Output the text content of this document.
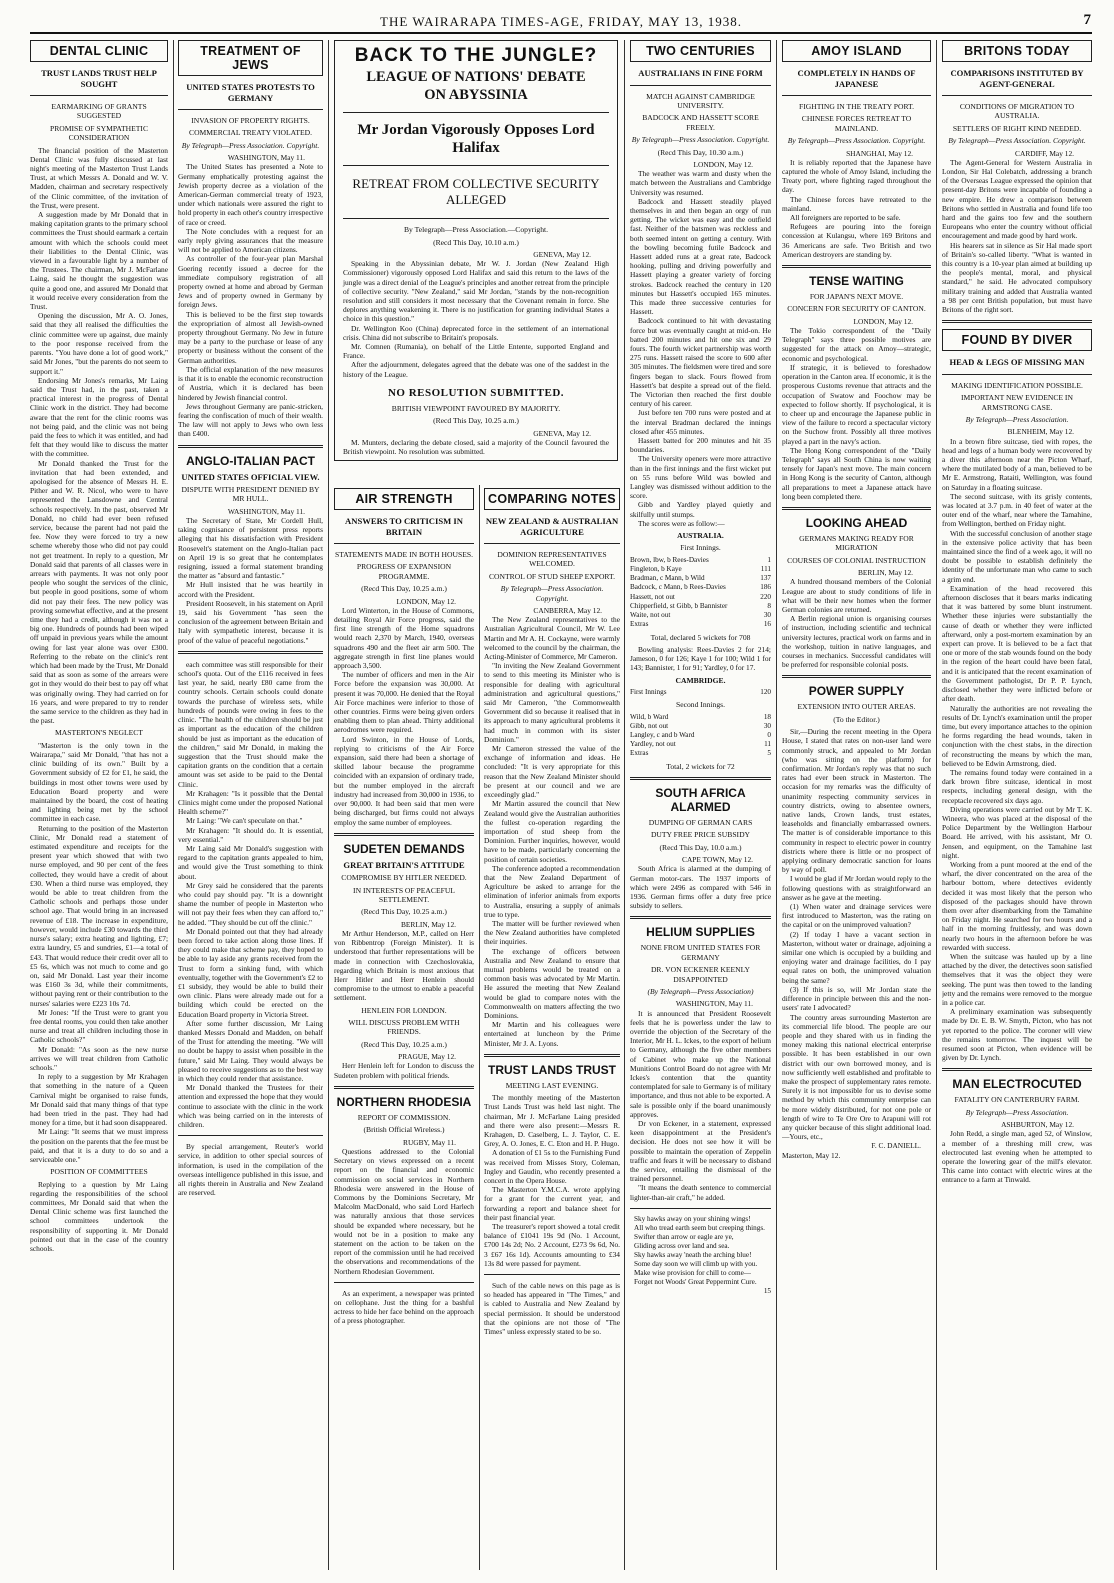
THE WAIRARAPA TIMES-AGE, FRIDAY, MAY 13, 1938.	7
DENTAL CLINIC
TRUST LANDS TRUST HELP SOUGHT
EARMARKING OF GRANTS SUGGESTED
PROMISE OF SYMPATHETIC CONSIDERATION

The financial position of the Masterton Dental Clinic was fully discussed at last night's meeting of the Masterton Trust Lands Trust, at which Messrs A. Donald and W. V. Madden, chairman and secretary respectively of the Clinic committee, of the invitation of the Trust, were present.

A suggestion made by Mr Donald that in making capitation grants to the primary school committees the Trust should earmark a certain amount with which the schools could meet their liabilities to the Dental Clinic, was viewed in a favourable light by a number of the Trustees. The chairman, Mr J. McFarlane Laing, said he thought the suggestion was quite a good one, and assured Mr Donald that it would receive every consideration from the Trust.

Opening the discussion, Mr A. O. Jones, said that they all realised the difficulties the clinic committee were up against, due mainly to the poor response received from the parents. "You have done a lot of good work," said Mr Jones, "but the parents do not seem to support it."

Endorsing Mr Jones's remarks, Mr Laing said the Trust had, in the past, taken a practical interest in the progress of Dental Clinic work in the district. They had become aware that the rent for the clinic rooms was not being paid, and the clinic was not being paid the fees to which it was entitled, and had felt that they would like to discuss the matter with the committee.

Mr Donald thanked the Trust for the invitation that had been extended, and apologised for the absence of Messrs H. E. Pither and W. R. Nicol, who were to have represented the Lansdowne and Central schools respectively. In the past, observed Mr Donald, no child had ever been refused service, because the parent had not paid the fee. Now they were forced to try a new scheme whereby those who did not pay could not get treatment. In reply to a question, Mr Donald said that parents of all classes were in arrears with payments. It was not only poor people who sought the services of the clinic, but people in good positions, some of whom did not pay their fees. The new policy was proving somewhat effective, and at the present time they had a credit, although it was not a big one. Hundreds of pounds had been wiped off unpaid in previous years while the amount owing for last year alone was over £300. Referring to the rebate on the clinic's rent which had been made by the Trust, Mr Donald said that as soon as some of the arrears were got in they would do their best to pay off what was originally owing. They had carried on for 16 years, and were prepared to try to render the same service to the children as they had in the past.

MASTERTON'S NEGLECT

"Masterton is the only town in the Wairarapa," said Mr Donald, "that has not a clinic building of its own." Built by a Government subsidy of £2 for £1, he said, the buildings in most other towns were used by Education Board property and were maintained by the board, the cost of heating and lighting being met by the school committee in each case.

Returning to the position of the Masterton Clinic, Mr Donald read a statement of estimated expenditure and receipts for the present year which showed that with two nurse employed, and 90 per cent of the fees collected, they would have a credit of about £30. When a third nurse was employed, they would be able to treat children from the Catholic schools and perhaps those under school age. That would bring in an increased revenue of £18. The increase in expenditure, however, would include £30 towards the third nurse's salary; extra heating and lighting, £7; extra laundry, £5 and sundries, £1—a total of £43. That would reduce their credit over all to £5 6s, which was not much to come and go on, said Mr Donald. Last year their income was £160 3s 3d, while their commitments, without paying rent or their contribution to the nurses' salaries were £223 10s 7d.

Mr Jones: "If the Trust were to grant you free dental rooms, you could then take another nurse and treat all children including those in Catholic schools?"

Mr Donald: "As soon as the new nurse arrives we will treat children from Catholic schools."

In reply to a suggestion by Mr Krahagen that something in the nature of a Queen Carnival might be organised to raise funds, Mr Donald said that many things of that type had been tried in the past. They had had money for a time, but it had soon disappeared.

Mr Laing: "It seems that we must impress the position on the parents that the fee must be paid, and that it is a duty to do so and a serviceable one."

POSITION OF COMMITTEES

Replying to a question by Mr Laing regarding the responsibilities of the school committees, Mr Donald said that when the Dental Clinic scheme was first launched the school committees undertook the responsibility of supporting it. Mr Donald pointed out that in the case of the country schools.

TREATMENT OF JEWS
UNITED STATES PROTESTS TO GERMANY
INVASION OF PROPERTY RIGHTS.
COMMERCIAL TREATY VIOLATED.
By Telegraph—Press Association. Copyright.
WASHINGTON, May 11.

The United States has presented a Note to Germany emphatically protesting against the Jewish property decree as a violation of the American-German commercial treaty of 1923, under which nationals were assured the right to hold property in each other's country irrespective of race or creed.

The Note concludes with a request for an early reply giving assurances that the measure will not be applied to American citizens.

As controller of the four-year plan Marshal Goering recently issued a decree for the immediate compulsory registration of all property owned at home and abroad by German Jews and of property owned in Germany by foreign Jews.

This is believed to be the first step towards the expropriation of almost all Jewish-owned property throughout Germany. No Jew in future may be a party to the purchase or lease of any property or business without the consent of the German authorities.

The official explanation of the new measures is that it is to enable the economic reconstruction of Austria, which it is declared has been hindered by Jewish financial control.

Jews throughout Germany are panic-stricken, fearing the confiscation of much of their wealth. The law will not apply to Jews who own less than £400.

ANGLO-ITALIAN PACT
UNITED STATES OFFICIAL VIEW.
DISPUTE WITH PRESIDENT DENIED BY MR HULL.
WASHINGTON, May 11.

The Secretary of State, Mr Cordell Hull, taking cognisance of persistent press reports alleging that his dissatisfaction with President Roosevelt's statement on the Anglo-Italian pact on April 19 is so great that he contemplates resigning, issued a formal statement branding the matter as "absurd and fantastic."

Mr Hull insisted that he was heartily in accord with the President.

President Roosevelt, in his statement on April 19, said his Government "has seen the conclusion of the agreement between Britain and Italy with sympathetic interest, because it is proof of the value of peaceful negotiations."

each committee was still responsible for their school's quota. Out of the £116 received in fees last year, he said, nearly £80 came from the country schools. Certain schools could donate towards the purchase of wireless sets, while hundreds of pounds were owing in fees to the clinic. "The health of the children should be just as important as the education of the children should be just as important as the education of the children," said Mr Donald, in making the suggestion that the Trust should make the capitation grants on the condition that a certain amount was set aside to be paid to the Dental Clinic.

Mr Krahagen: "Is it possible that the Dental Clinics might come under the proposed National Health scheme?"

Mr Laing: "We can't speculate on that."

Mr Krahagen: "It should do. It is essential, very essential."

Mr Laing said Mr Donald's suggestion with regard to the capitation grants appealed to him, and would give the Trust something to think about.

Mr Grey said he considered that the parents who could pay should pay. "It is a downright shame the number of people in Masterton who will not pay their fees when they can afford to," he added. "They should be cut off the clinic."

Mr Donald pointed out that they had already been forced to take action along those lines. If they could make that scheme pay, they hoped to be able to lay aside any grants received from the Trust to form a sinking fund, with which eventually, together with the Government's £2 to £1 subsidy, they would be able to build their own clinic. Plans were already made out for a building which could be erected on the Education Board property in Victoria Street.

After some further discussion, Mr Laing thanked Messrs Donald and Madden, on behalf of the Trust for attending the meeting. "We will no doubt be happy to assist when possible in the future," said Mr Laing. They would always be pleased to receive suggestions as to the best way in which they could render that assistance.

Mr Donald thanked the Trustees for their attention and expressed the hope that they would continue to associate with the clinic in the work which was being carried on in the interests of children.

By special arrangement, Reuter's world service, in addition to other special sources of information, is used in the compilation of the overseas intelligence published in this issue, and all rights therein in Australia and New Zealand are reserved.

BACK TO THE JUNGLE?
LEAGUE OF NATIONS' DEBATE ON ABYSSINIA
Mr Jordan Vigorously Opposes Lord Halifax
RETREAT FROM COLLECTIVE SECURITY ALLEGED
By Telegraph—Press Association.—Copyright.
(Recd This Day, 10.10 a.m.)
GENEVA, May 12.

Speaking in the Abyssinian debate, Mr W. J. Jordan (New Zealand High Commissioner) vigorously opposed Lord Halifax and said this return to the laws of the jungle was a direct denial of the League's principles and another retreat from the principle of collective security. "New Zealand," said Mr Jordan, "stands by the non-recognition resolution and still considers it most necessary that the Covenant remain in force. She deplores anything weakening it. There is no justification for granting individual States a choice in this question."

Dr. Wellington Koo (China) deprecated force in the settlement of an international crisis. China did not subscribe to Britain's proposals.

Mr. Comnen (Rumania), on behalf of the Little Entente, supported England and France.

After the adjournment, delegates agreed that the debate was one of the saddest in the history of the League.

NO RESOLUTION SUBMITTED.
BRITISH VIEWPOINT FAVOURED BY MAJORITY.
(Recd This Day, 10.25 a.m.)
GENEVA, May 12.

M. Munters, declaring the debate closed, said a majority of the Council favoured the British viewpoint. No resolution was submitted.

AIR STRENGTH
ANSWERS TO CRITICISM IN BRITAIN
STATEMENTS MADE IN BOTH HOUSES.
PROGRESS OF EXPANSION PROGRAMME.
(Recd This Day, 10.25 a.m.)
LONDON, May 12.

Lord Winterton, in the House of Commons, detailing Royal Air Force progress, said the first line strength of the Home squadrons would reach 2,370 by March, 1940, overseas squadrons 490 and the fleet air arm 500. The aggregate strength in first line planes would approach 3,500.

The number of officers and men in the Air Force before the expansion was 30,000. At present it was 70,000. He denied that the Royal Air Force machines were inferior to those of other countries. Firms were being given orders enabling them to plan ahead. Thirty additional aerodromes were required.

Lord Swinton, in the House of Lords, replying to criticisms of the Air Force expansion, said there had been a shortage of skilled labour because the programme coincided with an expansion of ordinary trade, but the number employed in the aircraft industry had increased from 30,000 in 1936, to over 90,000. It had been said that men were being discharged, but firms could not always employ the same number of employees.

SUDETEN DEMANDS
GREAT BRITAIN'S ATTITUDE
COMPROMISE BY HITLER NEEDED.
IN INTERESTS OF PEACEFUL SETTLEMENT.
(Recd This Day, 10.25 a.m.)
BERLIN, May 12.

Mr Arthur Henderson, M.P., called on Herr von Ribbentrop (Foreign Minister). It is understood that further representations will be made in connection with Czechoslovakia, regarding which Britain is most anxious that Herr Hitler and Herr Henlein should compromise to the utmost to enable a peaceful settlement.

HENLEIN FOR LONDON.
WILL DISCUSS PROBLEM WITH FRIENDS.
(Recd This Day, 10.25 a.m.)
PRAGUE, May 12.

Herr Henlein left for London to discuss the Sudeten problem with political friends.

NORTHERN RHODESIA
REPORT OF COMMISSION.
(British Official Wireless.)
RUGBY, May 11.

Questions addressed to the Colonial Secretary on views expressed on a recent report on the financial and economic commission on social services in Northern Rhodesia were answered in the House of Commons by the Dominions Secretary, Mr Malcolm MacDonald, who said Lord Harlech was naturally anxious that those services should be expanded where necessary, but he would not be in a position to make any statement on the action to be taken on the report of the commission until he had received the observations and recommendations of the Northern Rhodesian Government.

As an experiment, a newspaper was printed on cellophane. Just the thing for a bashful actress to hide her face behind on the approach of a press photographer.

COMPARING NOTES
NEW ZEALAND & AUSTRALIAN AGRICULTURE
DOMINION REPRESENTATIVES WELCOMED.
CONTROL OF STUD SHEEP EXPORT.
By Telegraph—Press Association. Copyright.
CANBERRA, May 12.

The New Zealand representatives to the Australian Agricultural Council, Mr W. Lee Martin and Mr A. H. Cockayne, were warmly welcomed to the council by the chairman, the Acting-Minister of Commerce, Mr Cameron.

"In inviting the New Zealand Government to send to this meeting its Minister who is responsible for dealing with agricultural administration and agricultural questions," said Mr Cameron, "the Commonwealth Government did so because it realised that in its approach to many agricultural problems it had much in common with its sister Dominion."

Mr Cameron stressed the value of the exchange of information and ideas. He concluded: "It is very appropriate for this reason that the New Zealand Minister should be present at our council and we are exceedingly glad."

Mr Martin assured the council that New Zealand would give the Australian authorities the fullest co-operation regarding the importation of stud sheep from the Dominion. Further inquiries, however, would have to be made, particularly concerning the position of certain societies.

The conference adopted a recommendation that the New Zealand Department of Agriculture be asked to arrange for the elimination of inferior animals from exports to Australia, ensuring a supply of animals true to type.

The matter will be further reviewed when the New Zealand authorities have completed their inquiries.

The exchange of officers between Australia and New Zealand to ensure that mutual problems would be treated on a common basis was advocated by Mr Martin. He assured the meeting that New Zealand would be glad to compare notes with the Commonwealth on matters affecting the two Dominions.

Mr Martin and his colleagues were entertained at luncheon by the Prime Minister, Mr J. A. Lyons.

TRUST LANDS TRUST
MEETING LAST EVENING.

The monthly meeting of the Masterton Trust Lands Trust was held last night. The chairman, Mr J. McFarlane Laing presided and there were also present:—Messrs R. Krahagen, D. Caselberg, L. J. Taylor, C. E. Grey, A. O. Jones, E. C. Eton and H. P. Hugo.

A donation of £1 5s to the Furnishing Fund was received from Misses Story, Coleman, Ingley and Gaudin, who recently presented a concert in the Opera House.

The Masterton Y.M.C.A. wrote applying for a grant for the current year, and forwarding a report and balance sheet for their past financial year.

The treasurer's report showed a total credit balance of £1041 19s 9d (No. 1 Account, £700 14s 2d; No. 2 Account, £273 9s 6d, No. 3 £67 16s 1d). Accounts amounting to £34 13s 8d were passed for payment.

Such of the cable news on this page as is so headed has appeared in "The Times," and is cabled to Australia and New Zealand by special permission. It should be understood that the opinions are not those of "The Times" unless expressly stated to be so.

TWO CENTURIES
AUSTRALIANS IN FINE FORM
MATCH AGAINST CAMBRIDGE UNIVERSITY.
BADCOCK AND HASSETT SCORE FREELY.
By Telegraph—Press Association. Copyright.
(Recd This Day, 10.30 a.m.)
LONDON, May 12.

The weather was warm and dusty when the match between the Australians and Cambridge University was resumed.

Badcock and Hassett steadily played themselves in and then began an orgy of run getting. The wicket was easy and the outfield fast. Neither of the batsmen was reckless and both seemed intent on getting a century. With the bowling becoming futile Badcock and Hassett added runs at a great rate, Badcock hooking, pulling and driving powerfully and Hassett playing a greater variety of forcing strokes. Badcock reached the century in 120 minutes but Hassett's occupied 165 minutes. This made three successive centuries for Hassett.

Badcock continued to hit with devastating force but was eventually caught at mid-on. He batted 200 minutes and hit one six and 29 fours. The fourth wicket partnership was worth 275 runs. Hassett raised the score to 600 after 305 minutes. The fieldsmen were tired and sore fingers began to slack. Fours flowed from Hassett's bat despite a spread out of the field. The Victorian then reached the first double century of his career.

Just before ten 700 runs were posted and at the interval Bradman declared the innings closed after 455 minutes.

Hassett batted for 200 minutes and hit 35 boundaries.

The University openers were more attractive than in the first innings and the first wicket put on 55 runs before Wild was bowled and Langley was dismissed without addition to the score.

Gibb and Yardley played quietly and skilfully until stumps.

The scores were as follow:—

AUSTRALIA.
First Innings.
Brown, lbw, b Rees-Davies	1
Fingleton, b Kaye	111
Bradman, c Mann, b Wild	137
Badcock, c Mann, b Rees-Davies	186
Hassett, not out	220
Chipperfield, st Gibb, b Bannister	8
Waite, not out	30
Extras	16
Total, declared 5 wickets for 708

Bowling analysis: Rees-Davies 2 for 214; Jameson, 0 for 126; Kaye 1 for 100; Wild 1 for 143; Bannister, 1 for 91; Yardley, 0 for 17.

CAMBRIDGE.
First Innings	120
Second Innings.
Wild, b Ward	18
Gibb, not out	30
Langley, c and b Ward	0
Yardley, not out	11
Extras	5
Total, 2 wickets for 72
SOUTH AFRICA ALARMED
DUMPING OF GERMAN CARS
DUTY FREE PRICE SUBSIDY
(Recd This Day, 10.0 a.m.)
CAPE TOWN, May 12.

South Africa is alarmed at the dumping of German motor-cars. The 1937 imports of which were 2496 as compared with 546 in 1936. German firms offer a duty free price subsidy to sellers.

HELIUM SUPPLIES
NONE FROM UNITED STATES FOR GERMANY
DR. VON ECKENER KEENLY DISAPPOINTED
(By Telegraph—Press Association)
WASHINGTON, May 11.

It is announced that President Roosevelt feels that he is powerless under the law to override the objection of the Secretary of the Interior, Mr H. L. Ickes, to the export of helium to Germany, although the five other members of Cabinet who make up the National Munitions Control Board do not agree with Mr Ickes's contention that the quantity contemplated for sale to Germany is of military importance, and thus not able to be exported. A sale is possible only if the board unanimously approves.

Dr von Eckener, in a statement, expressed keen disappointment at the President's decision. He does not see how it will be possible to maintain the operation of Zeppelin traffic and fears it will be necessary to disband the service, entailing the dismissal of the trained personnel.

"It means the death sentence to commercial lighter-than-air craft," he added.

Sky hawks away on your shining wings!
All who tread earth seem but creeping things.
Swifter than arrow or eagle are ye,
Gliding across over land and sea.
Sky hawks away 'neath the arching blue!
Some day soon we will climb up with you.
Make wise provision for chill to come—
Forget not Woods' Great Peppermint Cure.
15
AMOY ISLAND
COMPLETELY IN HANDS OF JAPANESE
FIGHTING IN THE TREATY PORT.
CHINESE FORCES RETREAT TO MAINLAND.
By Telegraph—Press Association. Copyright.
SHANGHAI, May 12.

It is reliably reported that the Japanese have captured the whole of Amoy Island, including the Treaty port, where fighting raged throughout the day.

The Chinese forces have retreated to the mainland.

All foreigners are reported to be safe.

Refugees are pouring into the foreign concession at Kulangsu, where 169 Britons and 36 Americans are safe. Two British and two American destroyers are standing by.

TENSE WAITING
FOR JAPAN'S NEXT MOVE.
CONCERN FOR SECURITY OF CANTON.
LONDON, May 12.

The Tokio correspondent of the "Daily Telegraph" says three possible motives are suggested for the attack on Amoy—strategic, economic and psychological.

If strategic, it is believed to foreshadow operation in the Canton area. If economic, it is the prosperous Customs revenue that attracts and the occupation of Swatow and Foochow may be expected to follow shortly. If psychological, it is to cheer up and encourage the Japanese public in view of the failure to record a spectacular victory on the Suchow front. Possibly all three motives played a part in the navy's action.

The Hong Kong correspondent of the "Daily Telegraph" says all South China is now waiting tensely for Japan's next move. The main concern in Hong Kong is the security of Canton, although all preparations to meet a Japanese attack have long been completed there.

LOOKING AHEAD
GERMANS MAKING READY FOR MIGRATION
COURSES OF COLONIAL INSTRUCTION
BERLIN, May 12.

A hundred thousand members of the Colonial League are about to study conditions of life in what will be their new homes when the former German colonies are returned.

A Berlin regional union is organising courses of instruction, including scientific and technical university lectures, practical work on farms and in the workshop, tuition in native languages, and courses in mechanics. Successful candidates will be preferred for responsible colonial posts.

POWER SUPPLY
EXTENSION INTO OUTER AREAS.
(To the Editor.)

Sir,—During the recent meeting in the Opera House, I stated that rates on non-user land were commonly struck, and appealed to Mr Jordan (who was sitting on the platform) for confirmation. Mr Jordan's reply was that no such rates had ever been struck in Masterton. The occasion for my remarks was the difficulty of unanimity respecting community services in country districts, owing to absentee owners, native lands, Crown lands, trust estates, leaseholds and financially embarrassed owners. The matter is of considerable importance to this community in respect to electric power in country districts where there is little or no prospect of applying ordinary democratic sanction for loans by way of poll.

I would be glad if Mr Jordan would reply to the following questions with as straightforward an answer as he gave at the meeting.

(1) When water and drainage services were first introduced to Masterton, was the rating on the capital or on the unimproved valuation?

(2) If today I have a vacant section in Masterton, without water or drainage, adjoining a similar one which is occupied by a building and enjoying water and drainage facilities, do I pay equal rates on both, the unimproved valuation being the same?

(3) If this is so, will Mr Jordan state the difference in principle between this and the non-users' rate I advocated?

The country areas surrounding Masterton are its commercial life blood. The people are our people and they shared with us in finding the money making this national electrical enterprise possible. It has been established in our own district with our own borrowed money, and is now sufficiently well established and profitable to make the prospect of supplementary rates remote. Surely it is not impossible for us to devise some method by which this community enterprise can be more widely distributed, for not one pole or length of wire to Te Ore Ore to Arapuni will rot any quicker because of this slight additional load.—Yours, etc.,

F. C. DANIELL.
Masterton, May 12.
BRITONS TODAY
COMPARISONS INSTITUTED BY AGENT-GENERAL
CONDITIONS OF MIGRATION TO AUSTRALIA.
SETTLERS OF RIGHT KIND NEEDED.
By Telegraph—Press Association. Copyright.
CARDIFF, May 12.

The Agent-General for Western Australia in London, Sir Hal Colebatch, addressing a branch of the Overseas League expressed the opinion that present-day Britons were incapable of founding a new empire. He drew a comparison between Britons who settled in Australia and found life too hard and the gains too few and the southern Europeans who enter the country without official encouragement and made good by hard work.

His hearers sat in silence as Sir Hal made sport of Britain's so-called liberty. "What is wanted in this country is a 10-year plan aimed at building up the people's mental, moral, and physical standard," he said. He advocated compulsory military training and added that Australia wanted a 98 per cent British population, but must have Britons of the right sort.

FOUND BY DIVER
HEAD & LEGS OF MISSING MAN
MAKING IDENTIFICATION POSSIBLE.
IMPORTANT NEW EVIDENCE IN ARMSTRONG CASE.
By Telegraph—Press Association.
BLENHEIM, May 12.

In a brown fibre suitcase, tied with ropes, the head and legs of a human body were recovered by a diver this afternoon near the Picton Wharf, where the mutilated body of a man, believed to be Mr E. Armstrong, Rataiti, Wellington, was found on Saturday in a floating suitcase.

The second suitcase, with its grisly contents, was located at 3.7 p.m. in 40 feet of water at the outer end of the wharf, near where the Tamahine, from Wellington, berthed on Friday night.

With the successful conclusion of another stage in the extensive police activity that has been maintained since the find of a week ago, it will no doubt be possible to establish definitely the identity of the unfortunate man who came to such a grim end.

Examination of the head recovered this afternoon discloses that it bears marks indicating that it was battered by some blunt instrument. Whether these injuries were substantially the cause of death or whether they were inflicted afterward, only a post-mortem examination by an expert can prove. It is believed to be a fact that one or more of the stab wounds found on the body in the region of the heart could have been fatal, and it is anticipated that the recent examination of the Government pathologist, Dr P. P. Lynch, disclosed whether they were inflicted before or after death.

Naturally the authorities are not revealing the results of Dr. Lynch's examination until the proper time, but every importance attaches to the opinion he forms regarding the head wounds, taken in conjunction with the chest stabs, in the direction of reconstructing the means by which the man, believed to be Edwin Armstrong, died.

The remains found today were contained in a dark brown fibre suitcase, identical in most respects, including general design, with the receptacle recovered six days ago.

Diving operations were carried out by Mr T. K. Wineera, who was placed at the disposal of the Police Department by the Wellington Harbour Board. He arrived, with his assistant, Mr O. Jensen, and equipment, on the Tamahine last night.

Working from a punt moored at the end of the wharf, the diver concentrated on the area of the harbour bottom, where detectives evidently decided it was most likely that the person who disposed of the packages should have thrown them over after disembarking from the Tamahine on Friday night. He searched for two hours and a half in the morning fruitlessly, and was down nearly two hours in the afternoon before he was rewarded with success.

When the suitcase was hauled up by a line attached by the diver, the detectives soon satisfied themselves that it was the object they were seeking. The punt was then towed to the landing jetty and the remains were removed to the morgue in a police car.

A preliminary examination was subsequently made by Dr. E. B. W. Smyth, Picton, who has not yet reported to the police. The coroner will view the remains tomorrow. The inquest will be resumed soon at Picton, when evidence will be given by Dr. Lynch.

MAN ELECTROCUTED
FATALITY ON CANTERBURY FARM.
By Telegraph—Press Association.
ASHBURTON, May 12.

John Redd, a single man, aged 52, of Winslow, a member of a threshing mill crew, was electrocuted last evening when he attempted to operate the lowering gear of the mill's elevator. This came into contact with electric wires at the entrance to a farm at Tinwald.
